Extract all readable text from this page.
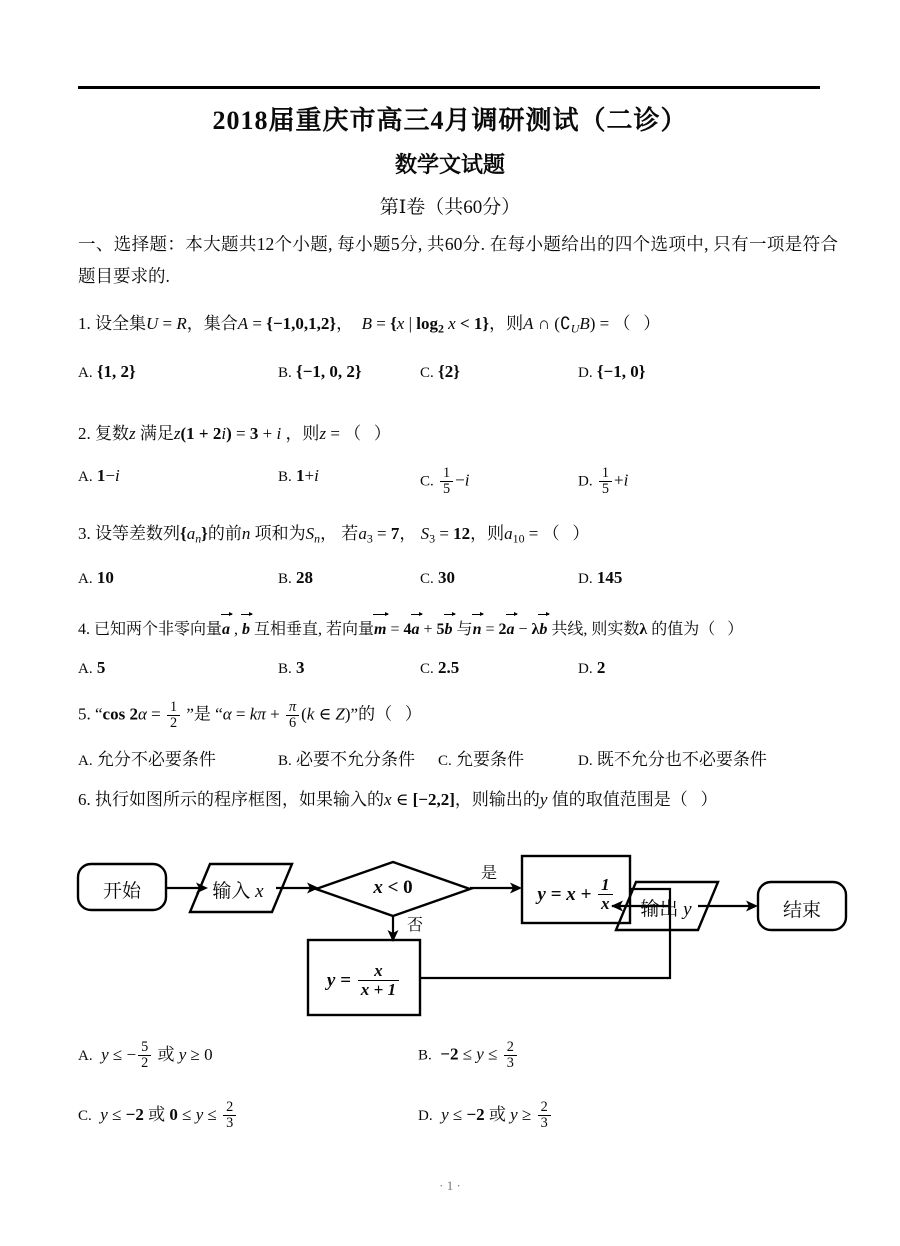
2018届重庆市高三4月调研测试（二诊）
数学文试题
第Ⅰ卷（共60分）
一、选择题：本大题共12个小题, 每小题5分, 共60分. 在每小题给出的四个选项中, 只有一项是符合题目要求的.
1. 设全集U = R，集合A = {−1,0,1,2}，  B = {x | $\log_2 x < 1$}，则A ∩ $(∁_UB)$ = （   ）
A. {1, 2}	B. {−1, 0, 2}	C. {2}	D. {−1, 0}
2. 复数z 满足z(1 + 2i) = 3 + i ，则z = （   ）
A. 1−i	B. 1+i	C. $\frac{1}{5} -i$	D. $\frac{1}{5} +i$
3. 设等差数列$\{a_n\}$的前n 项和为$S_n$， 若$a_3 = 7$， $S_3 = 12$，则$a_{10}$ = （   ）
A. 10	B. 28	C. 30	D. 145
4. 已知两个非零向量a , b 互相垂直, 若向量m = 4a + 5b 与n = 2a − λb 共线, 则实数λ 的值为（   ）
A. 5	B. 3	C. 2.5	D. 2
5. “cos $2\alpha = \frac{1}{2}$ ”是 “$\alpha = k\pi + \frac{\pi}{6} (k$ ∈ Z)”的（   ）
A. 允分不必要条件	B. 必要不允分条件 C. 允要条件	D. 既不允分也不必要条件
6. 执行如图所示的程序框图，如果输入的x ∈ [−2,2]，则输出的y 值的取值范围是（   ）
开始	输入 x	x < 0
是
否
$y = x + \frac{1}{x}$
$y = \frac{x}{x + 1}$
输出 y	结束
A. y ≤ − $\frac{5}{2}$ 或 y ≥ 0	B. $-2 \le y \le \frac{2}{3}$
C. y ≤ −2 或 $0 \le y \le \frac{2}{3}$	D. y ≤ −2 或 $y \ge \frac{2}{3}$
· 1 ·
